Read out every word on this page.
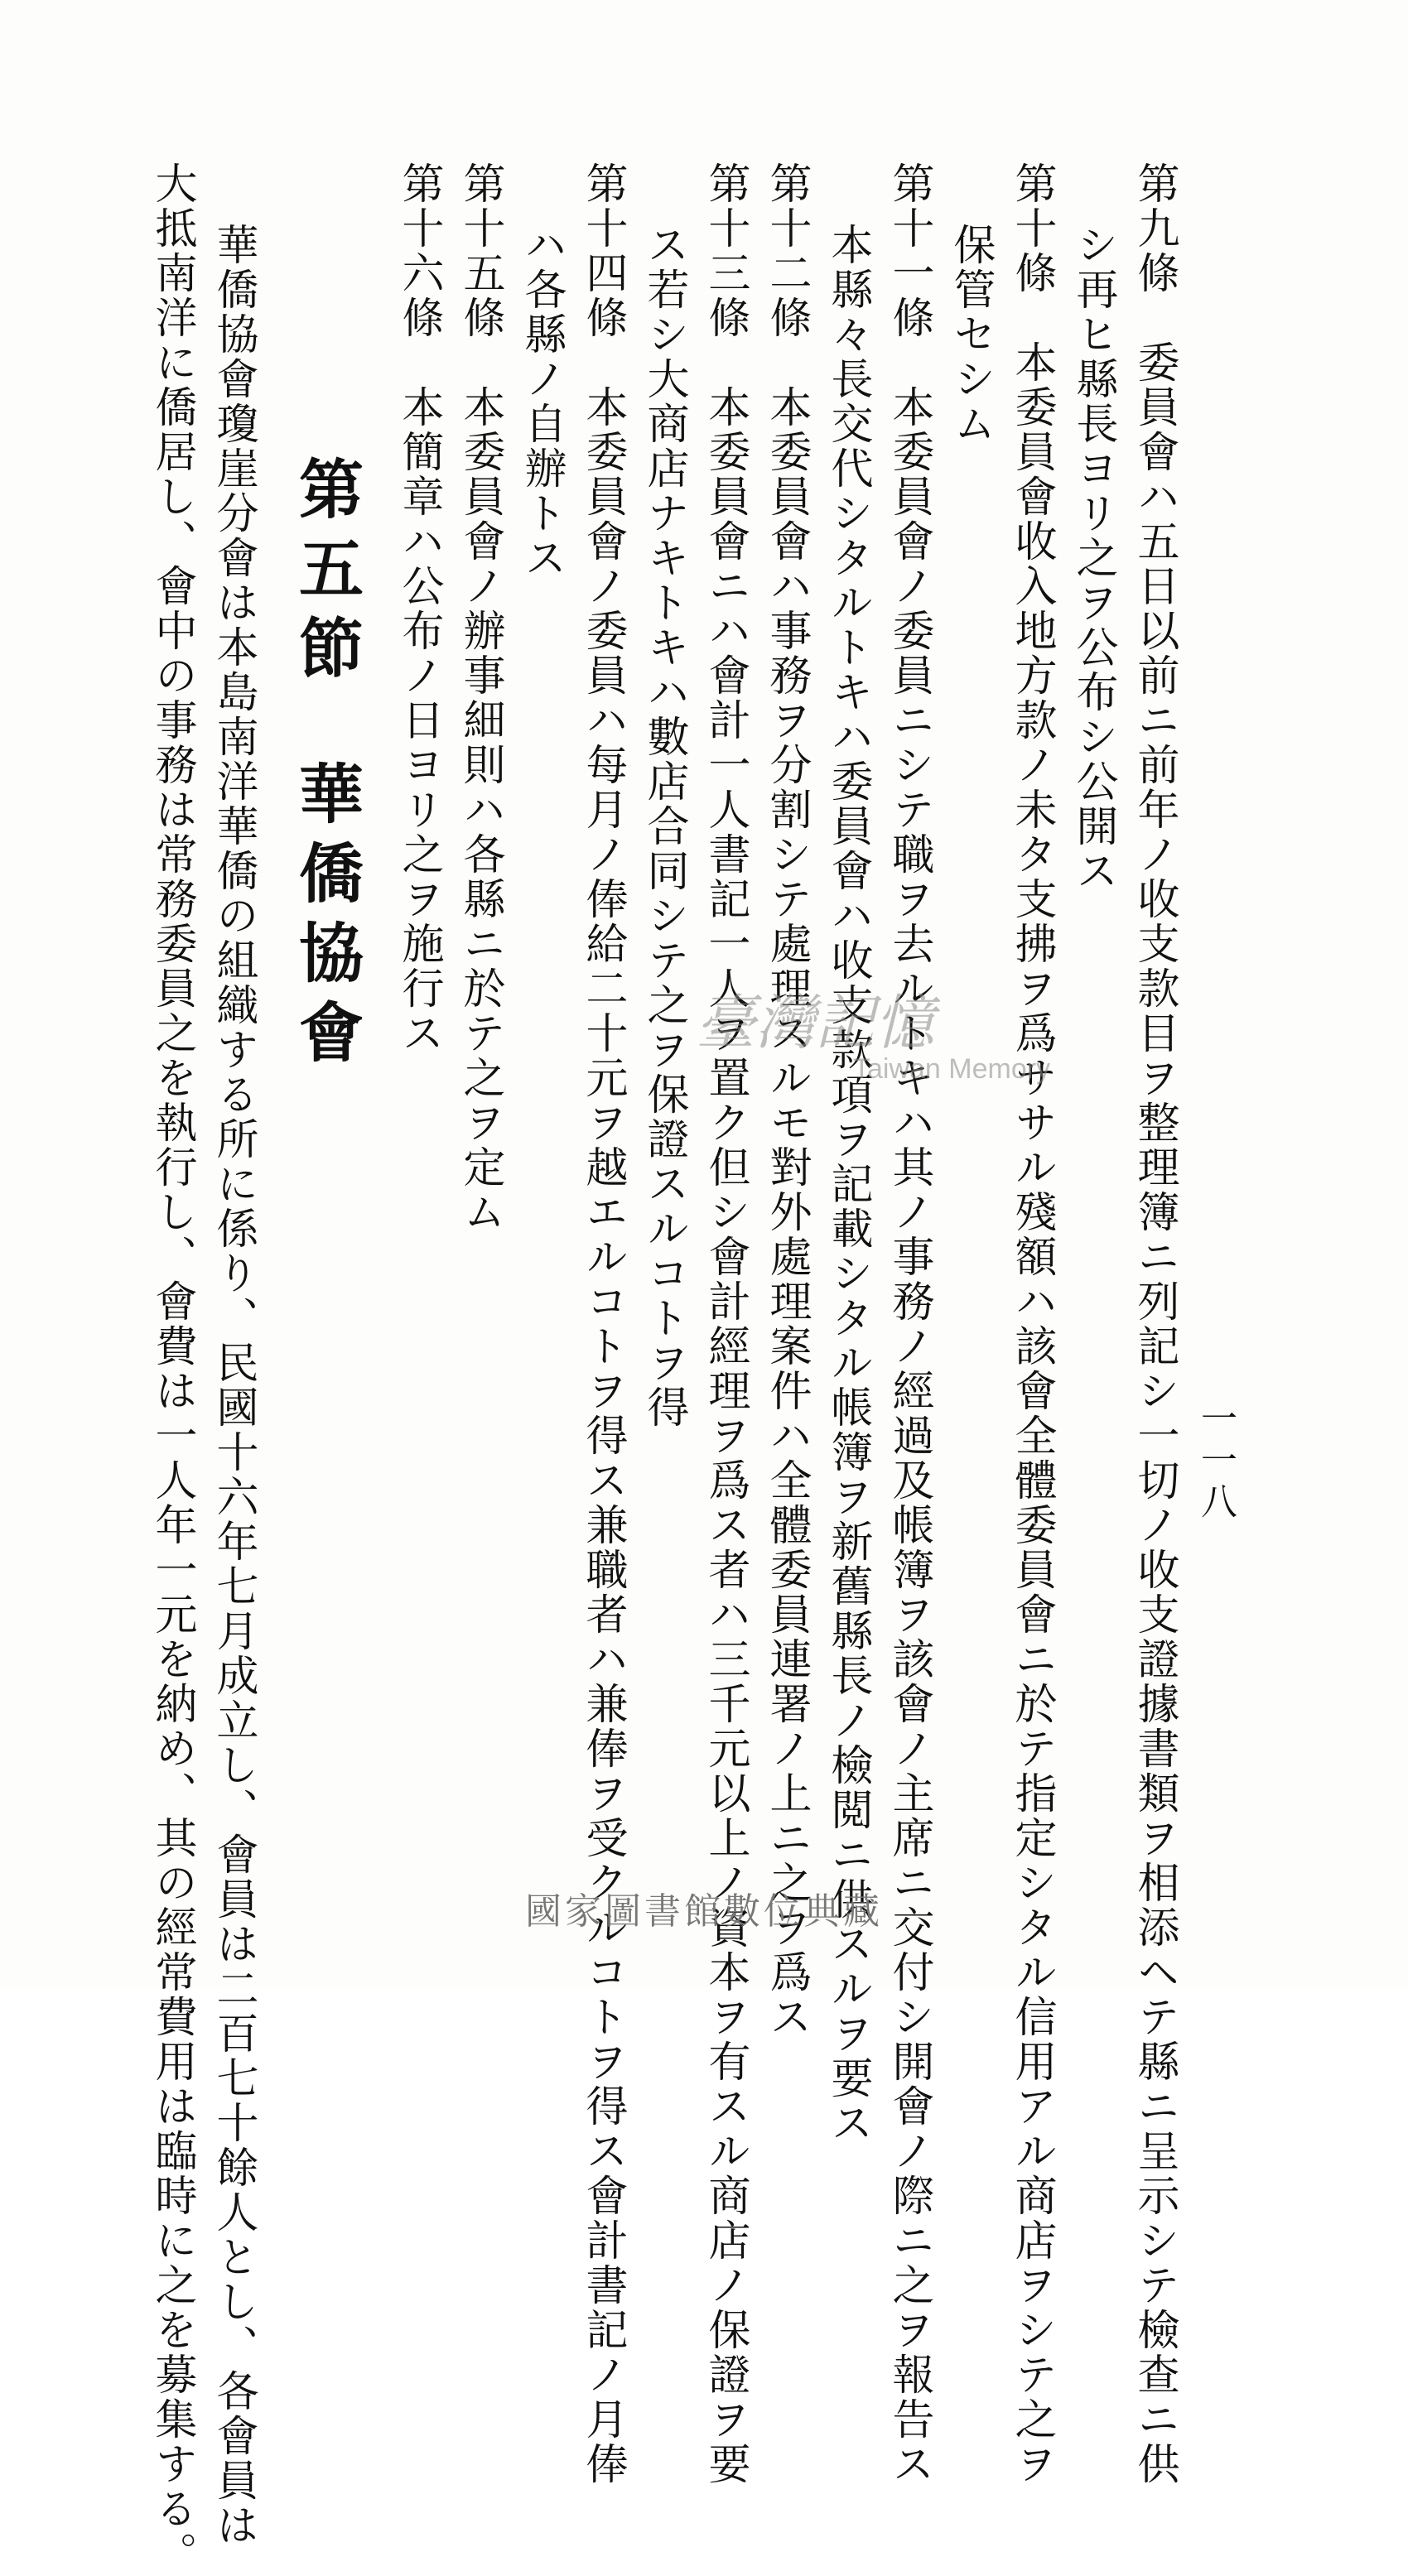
一一八
第九條　委員會ハ五日以前ニ前年ノ收支款目ヲ整理簿ニ列記シ一切ノ收支證據書類ヲ相添ヘテ縣ニ呈示シテ檢查ニ供
シ再ヒ縣長ヨリ之ヲ公布シ公開ス
第十條　本委員會收入地方款ノ未タ支拂ヲ爲ササル殘額ハ該會全體委員會ニ於テ指定シタル信用アル商店ヲシテ之ヲ
保管セシム
第十一條　本委員會ノ委員ニシテ職ヲ去ルトキハ其ノ事務ノ經過及帳簿ヲ該會ノ主席ニ交付シ開會ノ際ニ之ヲ報告ス
本縣々長交代シタルトキハ委員會ハ收支款項ヲ記載シタル帳簿ヲ新舊縣長ノ檢閲ニ供スルヲ要ス
第十二條　本委員會ハ事務ヲ分割シテ處理スルモ對外處理案件ハ全體委員連署ノ上ニ之ヲ爲ス
第十三條　本委員會ニハ會計一人書記一人ヲ置ク但シ會計經理ヲ爲ス者ハ三千元以上ノ資本ヲ有スル商店ノ保證ヲ要
ス若シ大商店ナキトキハ數店合同シテ之ヲ保證スルコトヲ得
第十四條　本委員會ノ委員ハ每月ノ俸給二十元ヲ越エルコトヲ得ス兼職者ハ兼俸ヲ受クルコトヲ得ス會計書記ノ月俸
ハ各縣ノ自辦トス
第十五條　本委員會ノ辦事細則ハ各縣ニ於テ之ヲ定ム
第十六條　本簡章ハ公布ノ日ヨリ之ヲ施行ス
第五節華僑協會
華僑協會瓊崖分會は本島南洋華僑の組織する所に係り、民國十六年七月成立し、會員は二百七十餘人とし、各會員は
大抵南洋に僑居し、會中の事務は常務委員之を執行し、會費は一人年一元を納め、其の經常費用は臨時に之を募集する。	臺灣記憶
Taiwan Memory
國家圖書館數位典藏
